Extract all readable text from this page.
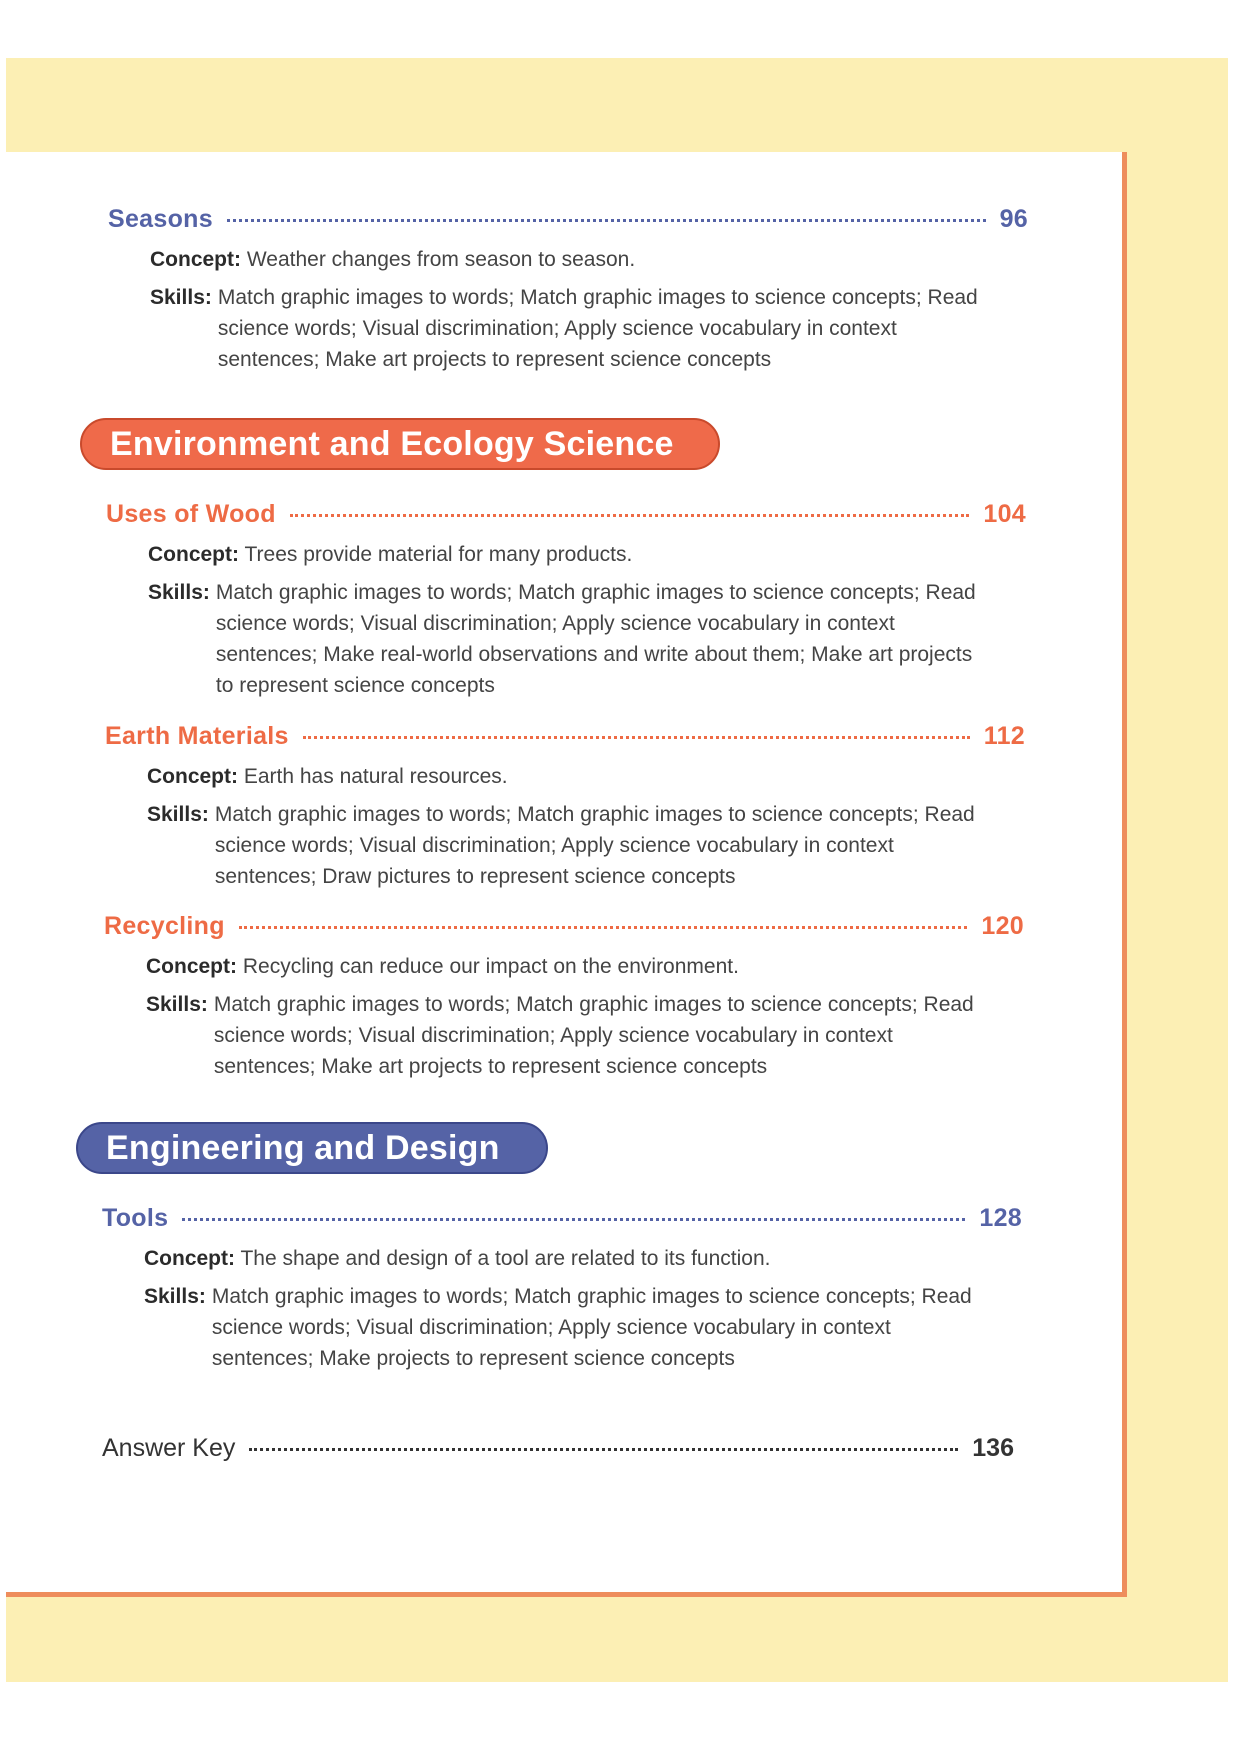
Seasons	96

Concept: Weather changes from season to season.

Skills: Match graphic images to words; Match graphic images to science concepts; Read science words; Visual discrimination; Apply science vocabulary in context sentences; Make art projects to represent science concepts
Environment and Ecology Science
Uses of Wood	104

Concept: Trees provide material for many products.

Skills: Match graphic images to words; Match graphic images to science concepts; Read science words; Visual discrimination; Apply science vocabulary in context sentences; Make real-world observations and write about them; Make art projects to represent science concepts
Earth Materials	112

Concept: Earth has natural resources.

Skills: Match graphic images to words; Match graphic images to science concepts; Read science words; Visual discrimination; Apply science vocabulary in context sentences; Draw pictures to represent science concepts
Recycling	120

Concept: Recycling can reduce our impact on the environment.

Skills: Match graphic images to words; Match graphic images to science concepts; Read science words; Visual discrimination; Apply science vocabulary in context sentences; Make art projects to represent science concepts
Engineering and Design
Tools	128

Concept: The shape and design of a tool are related to its function.

Skills: Match graphic images to words; Match graphic images to science concepts; Read science words; Visual discrimination; Apply science vocabulary in context sentences; Make projects to represent science concepts
Answer Key	136
